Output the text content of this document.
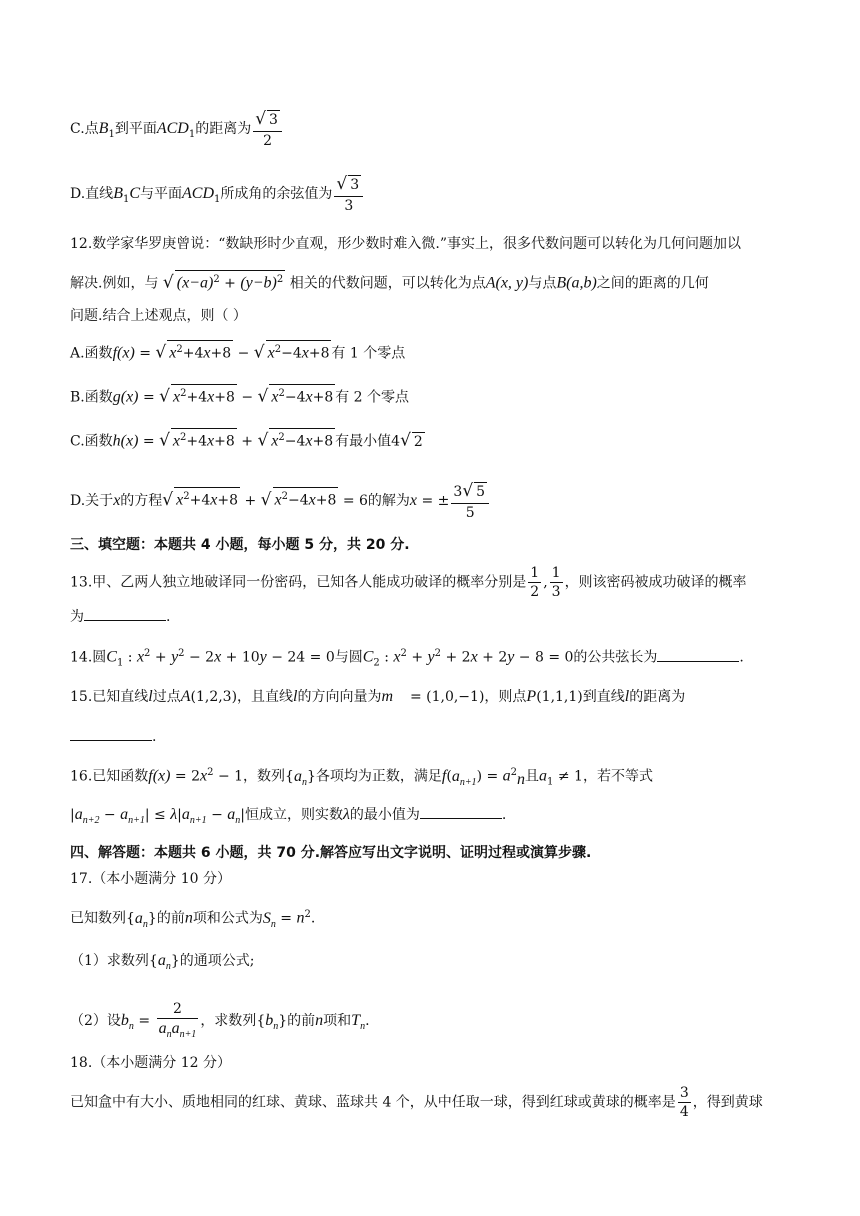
C.点$B_1$到平面$ACD_1$的距离为 $\frac{√ 3}{2}$
D.直线$B_1C$与平面$ACD_1$所成角的余弦值为 $\frac{√ 3}{3}$
12.数学家华罗庚曾说：“数缺形时少直观，形少数时难入微.”事实上，很多代数问题可以转化为几何问题加以
解决.例如，与 √ $(x-a)^2 + (y-b)^2$ 相关的代数问题，可以转化为点A(x, y)与点B(a,b)之间的距离的几何
问题.结合上述观点，则（ ）
A.函数f(x) = √ $x^2+4x+8$ − √ $x^2-4x+8$ 有 1 个零点
B.函数g(x) = √ $x^2+4x+8$ − √ $x^2-4x+8$ 有 2 个零点
C.函数h(x) = √ $x^2+4x+8$ + √ $x^2-4x+8$ 有最小值4√ 2
D.关于x的方程√ $x^2+4x+8$ + √ $x^2-4x+8 = 6$的解为x = ± $\frac{3√ 5}{5}$
三、填空题：本题共 4 小题，每小题 5 分，共 20 分.
13.甲、乙两人独立地破译同一份密码，已知各人能成功破译的概率分别是 $\frac{1}{2}$ , $\frac{1}{3}$ ，则该密码被成功破译的概率
为	.
14.圆$C_1$ : $x^2 + y^2 - 2x + 10y - 24 = 0$与圆$C_2$ : $x^2 + y^2 + 2x + 2y - 8 = 0$的公共弦长为	.
15.已知直线l过点A(1,2,3)，且直线l的方向向量为m⃗ = (1,0,−1)，则点P(1,1,1)到直线l的距离为
.
16.已知函数$f(x) = 2x^2 - 1$，数列$\{a_n\}$各项均为正数，满足$f(a_{n+1}) = a^2_n$且$a_1 \ne 1$，若不等式
$|a_{n+2} - a_{n+1}| \le \lambda|a_{n+1} - a_n|$恒成立，则实数λ的最小值为	.
四、解答题：本题共 6 小题，共 70 分.解答应写出文字说明、证明过程或演算步骤.
17.（本小题满分 10 分）
已知数列$\{a_n\}$的前n项和公式为$S_n = n^2$.
（1）求数列$\{a_n\}$的通项公式;
（2）设$b_n = \frac{2}{a_na_{n+1}}$ ，求数列$\{b_n\}$的前n项和$T_n$.
18.（本小题满分 12 分）
已知盒中有大小、质地相同的红球、黄球、蓝球共 4 个，从中任取一球，得到红球或黄球的概率是 $\frac{3}{4}$ ，得到黄球
